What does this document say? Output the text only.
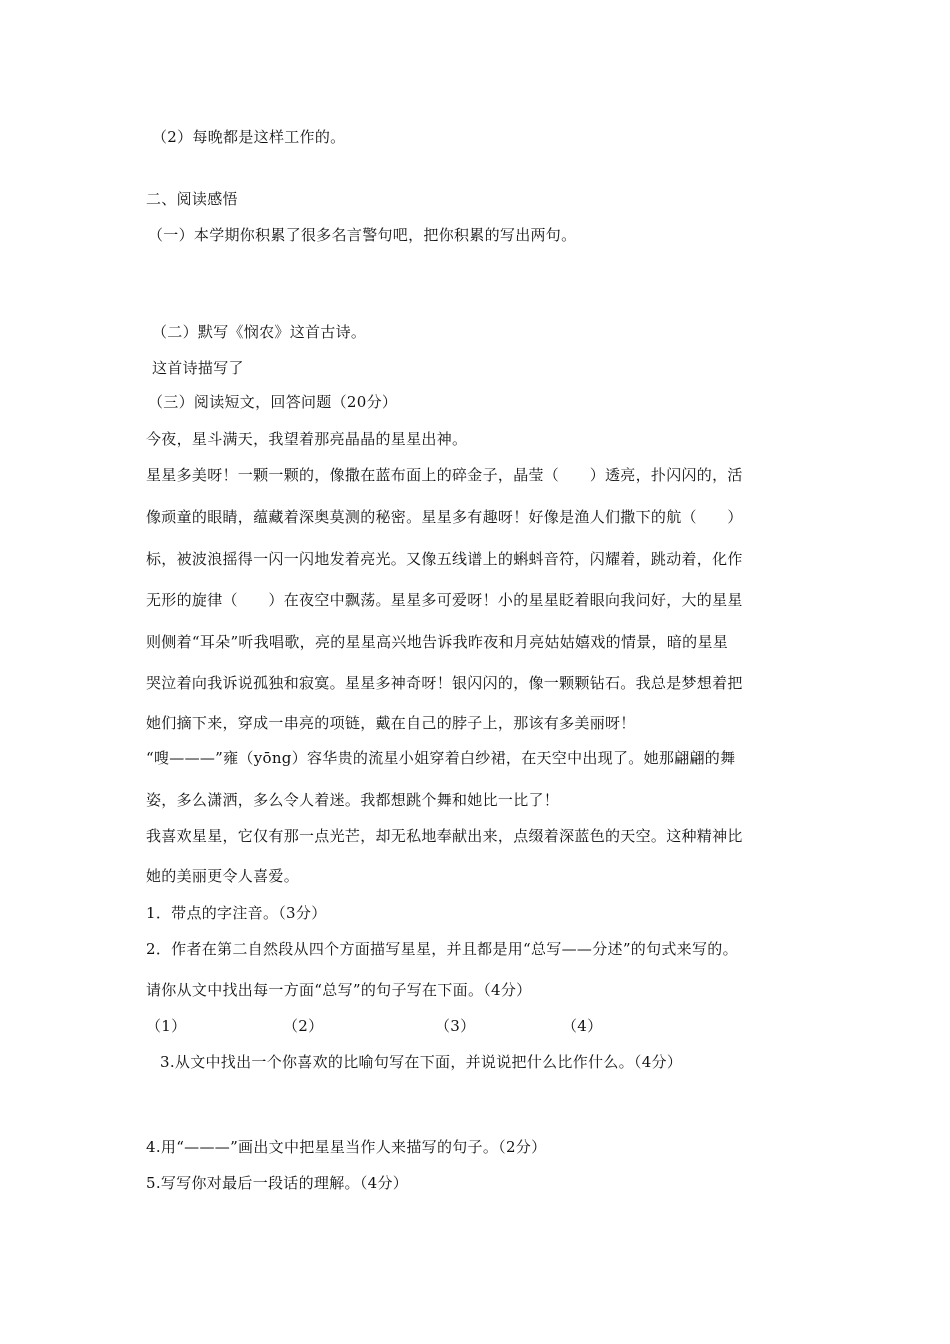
（2）每晚都是这样工作的。
二、阅读感悟
（一）本学期你积累了很多名言警句吧，把你积累的写出两句。
（二）默写《悯农》这首古诗。
这首诗描写了
（三）阅读短文，回答问题（20分）
今夜，星斗满天，我望着那亮晶晶的星星出神。
星星多美呀！一颗一颗的，像撒在蓝布面上的碎金子，晶莹（　　）透亮，扑闪闪的，活
像顽童的眼睛，蕴藏着深奥莫测的秘密。星星多有趣呀！好像是渔人们撒下的航（　　）
标，被波浪摇得一闪一闪地发着亮光。又像五线谱上的蝌蚪音符，闪耀着，跳动着，化作
无形的旋律（　　）在夜空中飘荡。星星多可爱呀！小的星星眨着眼向我问好，大的星星
则侧着“耳朵”听我唱歌，亮的星星高兴地告诉我昨夜和月亮姑姑嬉戏的情景，暗的星星
哭泣着向我诉说孤独和寂寞。星星多神奇呀！银闪闪的，像一颗颗钻石。我总是梦想着把
她们摘下来，穿成一串亮的项链，戴在自己的脖子上，那该有多美丽呀！
“嗖———”雍（yōng）容华贵的流星小姐穿着白纱裙，在天空中出现了。她那翩翩的舞
姿，多么潇洒，多么令人着迷。我都想跳个舞和她比一比了！
我喜欢星星，它仅有那一点光芒，却无私地奉献出来，点缀着深蓝色的天空。这种精神比
她的美丽更令人喜爱。
1．带点的字注音。（3分）
2．作者在第二自然段从四个方面描写星星，并且都是用“总写——分述”的句式来写的。
请你从文中找出每一方面“总写”的句子写在下面。（4分）
（1）	（2）	（3）	（4）
3.从文中找出一个你喜欢的比喻句写在下面，并说说把什么比作什么。（4分）
4.用“———”画出文中把星星当作人来描写的句子。（2分）
5.写写你对最后一段话的理解。（4分）
